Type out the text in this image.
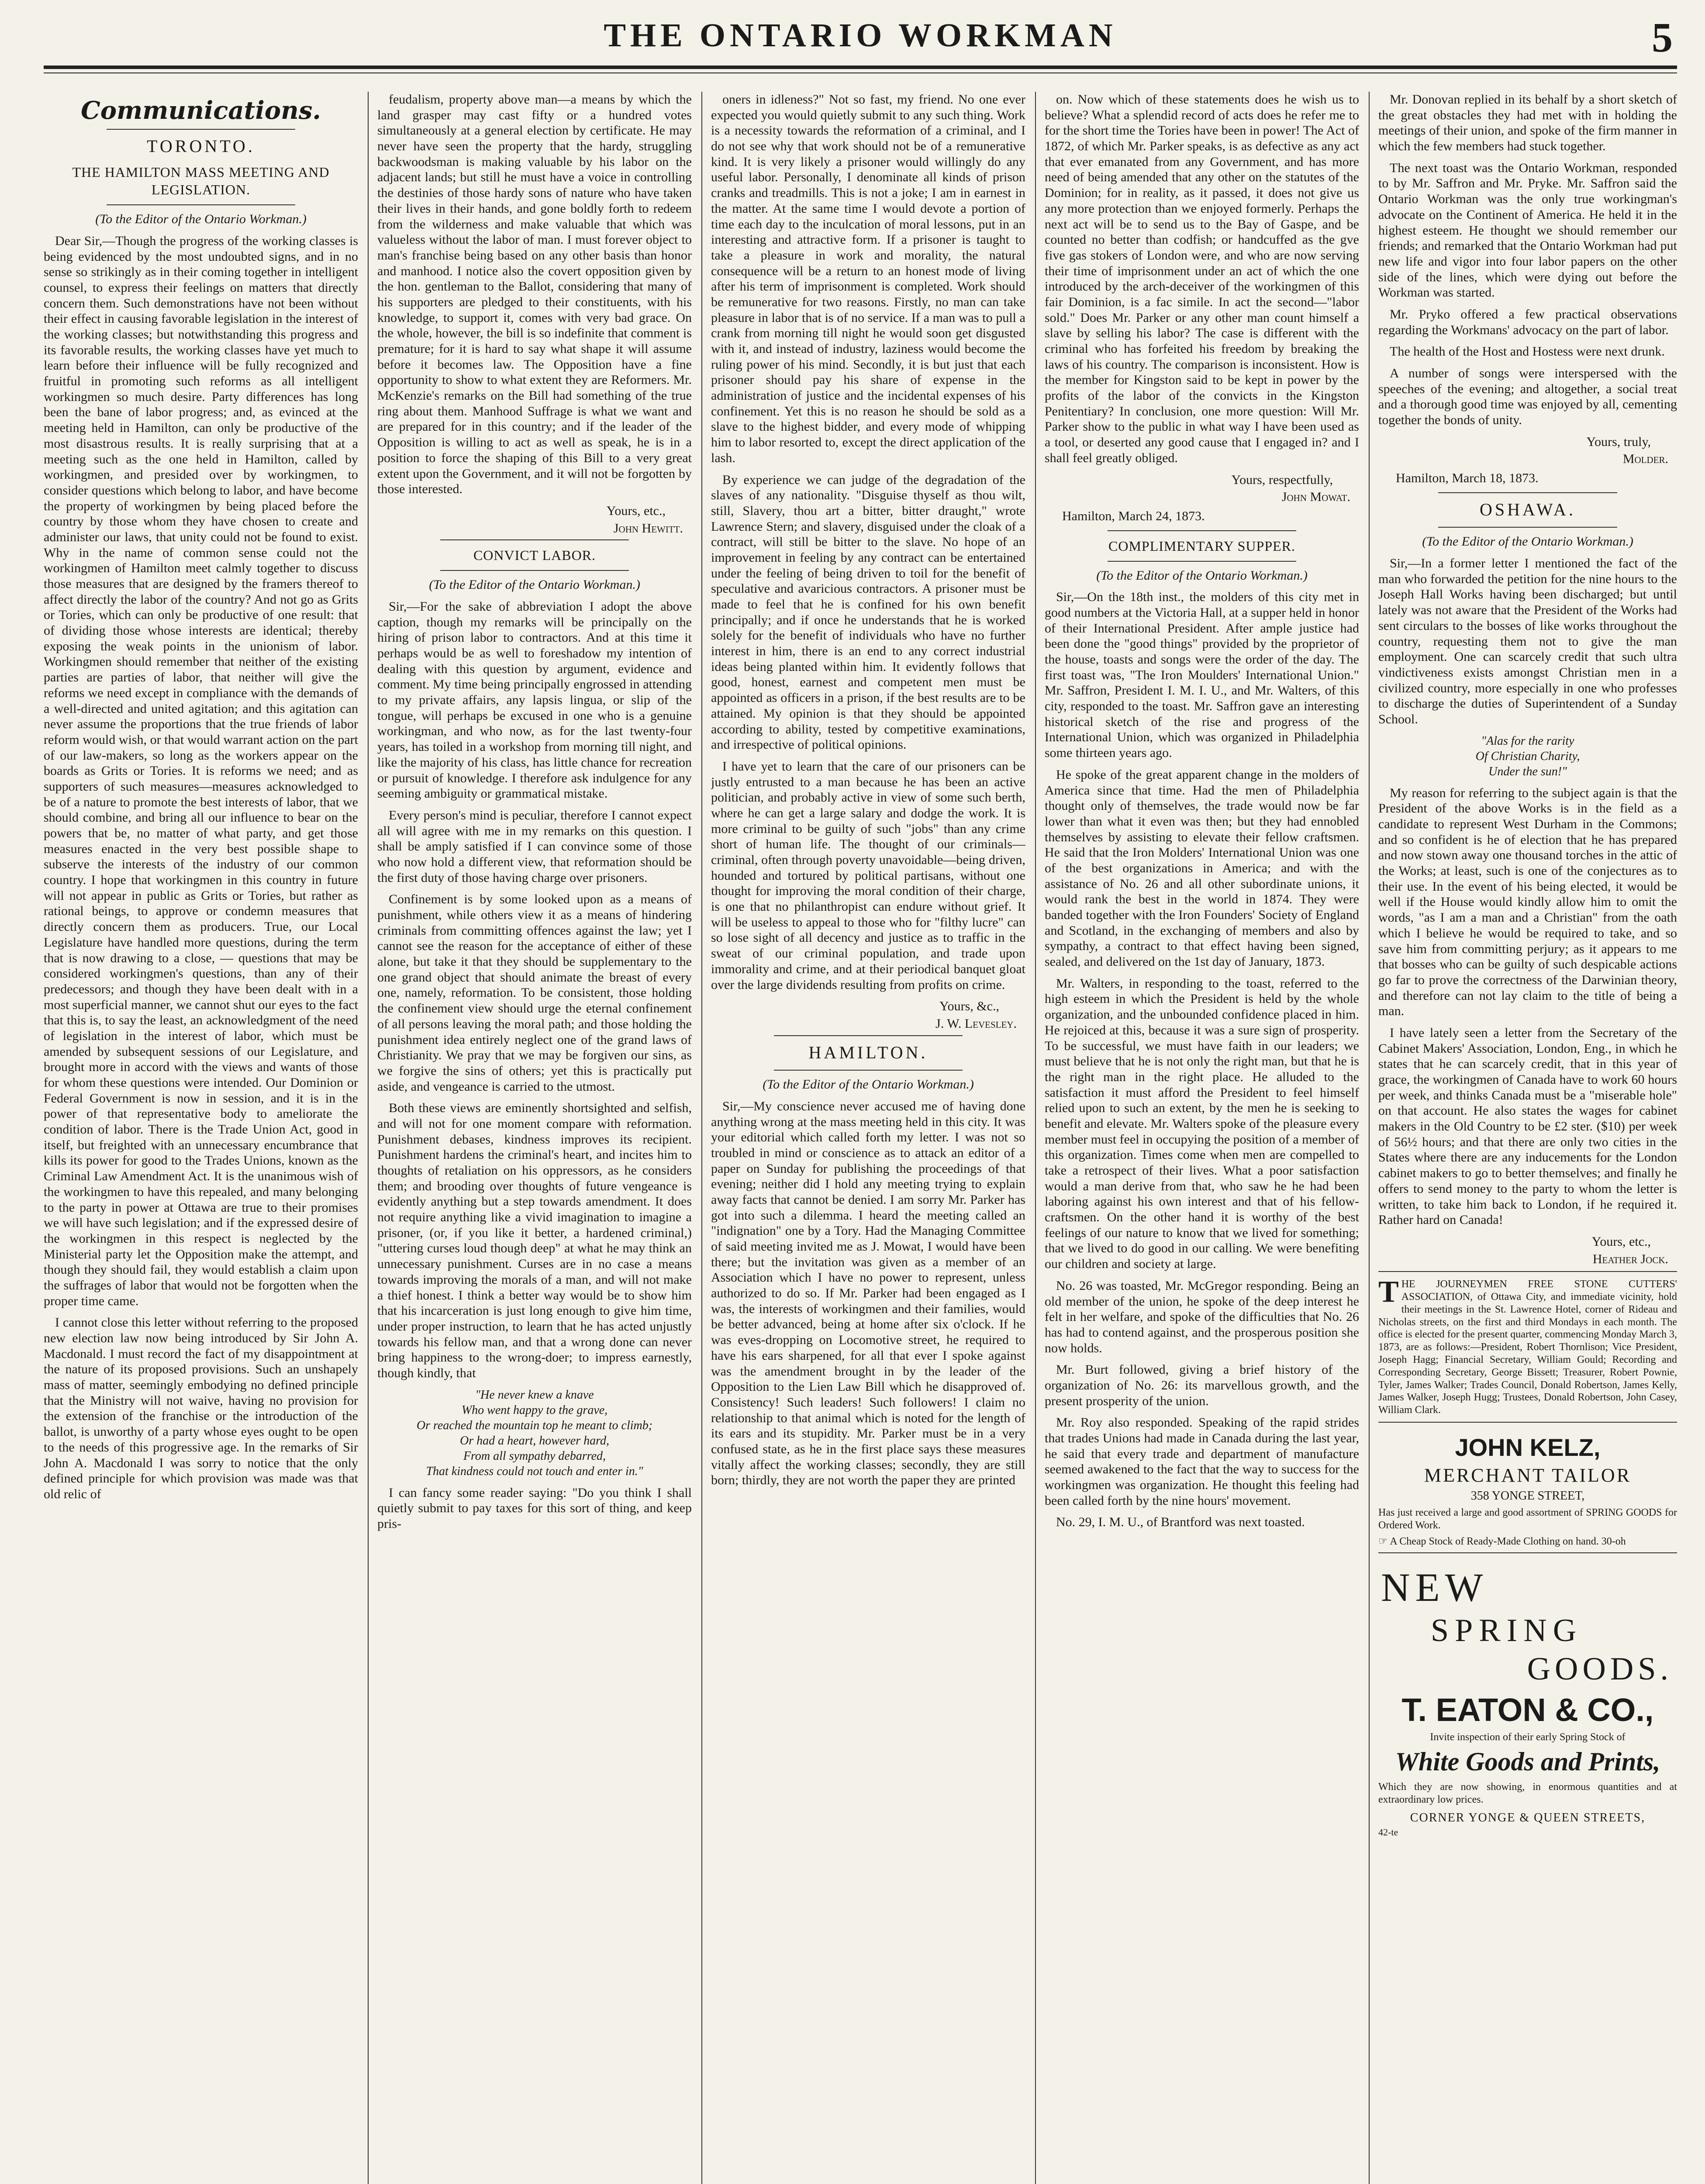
THE ONTARIO WORKMAN	5
Communications.
TORONTO.
THE HAMILTON MASS MEETING AND LEGISLATION.
(To the Editor of the Ontario Workman.)

Dear Sir,—Though the progress of the working classes is being evidenced by the most undoubted signs, and in no sense so strikingly as in their coming together in intelligent counsel, to express their feelings on matters that directly concern them. Such demonstrations have not been without their effect in causing favorable legislation in the interest of the working classes; but notwithstanding this progress and its favorable results, the working classes have yet much to learn before their influence will be fully recognized and fruitful in promoting such reforms as all intelligent workingmen so much desire. Party differences has long been the bane of labor progress; and, as evinced at the meeting held in Hamilton, can only be productive of the most disastrous results. It is really surprising that at a meeting such as the one held in Hamilton, called by workingmen, and presided over by workingmen, to consider questions which belong to labor, and have become the property of workingmen by being placed before the country by those whom they have chosen to create and administer our laws, that unity could not be found to exist. Why in the name of common sense could not the workingmen of Hamilton meet calmly together to discuss those measures that are designed by the framers thereof to affect directly the labor of the country? And not go as Grits or Tories, which can only be productive of one result: that of dividing those whose interests are identical; thereby exposing the weak points in the unionism of labor. Workingmen should remember that neither of the existing parties are parties of labor, that neither will give the reforms we need except in compliance with the demands of a well-directed and united agitation; and this agitation can never assume the proportions that the true friends of labor reform would wish, or that would warrant action on the part of our law-makers, so long as the workers appear on the boards as Grits or Tories. It is reforms we need; and as supporters of such measures—measures acknowledged to be of a nature to promote the best interests of labor, that we should combine, and bring all our influence to bear on the powers that be, no matter of what party, and get those measures enacted in the very best possible shape to subserve the interests of the industry of our common country. I hope that workingmen in this country in future will not appear in public as Grits or Tories, but rather as rational beings, to approve or condemn measures that directly concern them as producers. True, our Local Legislature have handled more questions, during the term that is now drawing to a close, — questions that may be considered workingmen's questions, than any of their predecessors; and though they have been dealt with in a most superficial manner, we cannot shut our eyes to the fact that this is, to say the least, an acknowledgment of the need of legislation in the interest of labor, which must be amended by subsequent sessions of our Legislature, and brought more in accord with the views and wants of those for whom these questions were intended. Our Dominion or Federal Government is now in session, and it is in the power of that representative body to ameliorate the condition of labor. There is the Trade Union Act, good in itself, but freighted with an unnecessary encumbrance that kills its power for good to the Trades Unions, known as the Criminal Law Amendment Act. It is the unanimous wish of the workingmen to have this repealed, and many belonging to the party in power at Ottawa are true to their promises we will have such legislation; and if the expressed desire of the workingmen in this respect is neglected by the Ministerial party let the Opposition make the attempt, and though they should fail, they would establish a claim upon the suffrages of labor that would not be forgotten when the proper time came.

I cannot close this letter without referring to the proposed new election law now being introduced by Sir John A. Macdonald. I must record the fact of my disappointment at the nature of its proposed provisions. Such an unshapely mass of matter, seemingly embodying no defined principle that the Ministry will not waive, having no provision for the extension of the franchise or the introduction of the ballot, is unworthy of a party whose eyes ought to be open to the needs of this progressive age. In the remarks of Sir John A. Macdonald I was sorry to notice that the only defined principle for which provision was made was that old relic of

feudalism, property above man—a means by which the land grasper may cast fifty or a hundred votes simultaneously at a general election by certificate. He may never have seen the property that the hardy, struggling backwoodsman is making valuable by his labor on the adjacent lands; but still he must have a voice in controlling the destinies of those hardy sons of nature who have taken their lives in their hands, and gone boldly forth to redeem from the wilderness and make valuable that which was valueless without the labor of man. I must forever object to man's franchise being based on any other basis than honor and manhood. I notice also the covert opposition given by the hon. gentleman to the Ballot, considering that many of his supporters are pledged to their constituents, with his knowledge, to support it, comes with very bad grace. On the whole, however, the bill is so indefinite that comment is premature; for it is hard to say what shape it will assume before it becomes law. The Opposition have a fine opportunity to show to what extent they are Reformers. Mr. McKenzie's remarks on the Bill had something of the true ring about them. Manhood Suffrage is what we want and are prepared for in this country; and if the leader of the Opposition is willing to act as well as speak, he is in a position to force the shaping of this Bill to a very great extent upon the Government, and it will not be forgotten by those interested.

Yours, etc.,
John Hewitt.
CONVICT LABOR.
(To the Editor of the Ontario Workman.)

Sir,—For the sake of abbreviation I adopt the above caption, though my remarks will be principally on the hiring of prison labor to contractors. And at this time it perhaps would be as well to foreshadow my intention of dealing with this question by argument, evidence and comment. My time being principally engrossed in attending to my private affairs, any lapsis lingua, or slip of the tongue, will perhaps be excused in one who is a genuine workingman, and who now, as for the last twenty-four years, has toiled in a workshop from morning till night, and like the majority of his class, has little chance for recreation or pursuit of knowledge. I therefore ask indulgence for any seeming ambiguity or grammatical mistake.

Every person's mind is peculiar, therefore I cannot expect all will agree with me in my remarks on this question. I shall be amply satisfied if I can convince some of those who now hold a different view, that reformation should be the first duty of those having charge over prisoners.

Confinement is by some looked upon as a means of punishment, while others view it as a means of hindering criminals from committing offences against the law; yet I cannot see the reason for the acceptance of either of these alone, but take it that they should be supplementary to the one grand object that should animate the breast of every one, namely, reformation. To be consistent, those holding the confinement view should urge the eternal confinement of all persons leaving the moral path; and those holding the punishment idea entirely neglect one of the grand laws of Christianity. We pray that we may be forgiven our sins, as we forgive the sins of others; yet this is practically put aside, and vengeance is carried to the utmost.

Both these views are eminently shortsighted and selfish, and will not for one moment compare with reformation. Punishment debases, kindness improves its recipient. Punishment hardens the criminal's heart, and incites him to thoughts of retaliation on his oppressors, as he considers them; and brooding over thoughts of future vengeance is evidently anything but a step towards amendment. It does not require anything like a vivid imagination to imagine a prisoner, (or, if you like it better, a hardened criminal,) "uttering curses loud though deep" at what he may think an unnecessary punishment. Curses are in no case a means towards improving the morals of a man, and will not make a thief honest. I think a better way would be to show him that his incarceration is just long enough to give him time, under proper instruction, to learn that he has acted unjustly towards his fellow man, and that a wrong done can never bring happiness to the wrong-doer; to impress earnestly, though kindly, that

"He never knew a knave
Who went happy to the grave,
Or reached the mountain top he meant to climb;
Or had a heart, however hard,
From all sympathy debarred,
That kindness could not touch and enter in."

I can fancy some reader saying: "Do you think I shall quietly submit to pay taxes for this sort of thing, and keep pris-

oners in idleness?" Not so fast, my friend. No one ever expected you would quietly submit to any such thing. Work is a necessity towards the reformation of a criminal, and I do not see why that work should not be of a remunerative kind. It is very likely a prisoner would willingly do any useful labor. Personally, I denominate all kinds of prison cranks and treadmills. This is not a joke; I am in earnest in the matter. At the same time I would devote a portion of time each day to the inculcation of moral lessons, put in an interesting and attractive form. If a prisoner is taught to take a pleasure in work and morality, the natural consequence will be a return to an honest mode of living after his term of imprisonment is completed. Work should be remunerative for two reasons. Firstly, no man can take pleasure in labor that is of no service. If a man was to pull a crank from morning till night he would soon get disgusted with it, and instead of industry, laziness would become the ruling power of his mind. Secondly, it is but just that each prisoner should pay his share of expense in the administration of justice and the incidental expenses of his confinement. Yet this is no reason he should be sold as a slave to the highest bidder, and every mode of whipping him to labor resorted to, except the direct application of the lash.

By experience we can judge of the degradation of the slaves of any nationality. "Disguise thyself as thou wilt, still, Slavery, thou art a bitter, bitter draught," wrote Lawrence Stern; and slavery, disguised under the cloak of a contract, will still be bitter to the slave. No hope of an improvement in feeling by any contract can be entertained under the feeling of being driven to toil for the benefit of speculative and avaricious contractors. A prisoner must be made to feel that he is confined for his own benefit principally; and if once he understands that he is worked solely for the benefit of individuals who have no further interest in him, there is an end to any correct industrial ideas being planted within him. It evidently follows that good, honest, earnest and competent men must be appointed as officers in a prison, if the best results are to be attained. My opinion is that they should be appointed according to ability, tested by competitive examinations, and irrespective of political opinions.

I have yet to learn that the care of our prisoners can be justly entrusted to a man because he has been an active politician, and probably active in view of some such berth, where he can get a large salary and dodge the work. It is more criminal to be guilty of such "jobs" than any crime short of human life. The thought of our criminals—criminal, often through poverty unavoidable—being driven, hounded and tortured by political partisans, without one thought for improving the moral condition of their charge, is one that no philanthropist can endure without grief. It will be useless to appeal to those who for "filthy lucre" can so lose sight of all decency and justice as to traffic in the sweat of our criminal population, and trade upon immorality and crime, and at their periodical banquet gloat over the large dividends resulting from profits on crime.

Yours, &c.,
J. W. Levesley.
HAMILTON.
(To the Editor of the Ontario Workman.)

Sir,—My conscience never accused me of having done anything wrong at the mass meeting held in this city. It was your editorial which called forth my letter. I was not so troubled in mind or conscience as to attack an editor of a paper on Sunday for publishing the proceedings of that evening; neither did I hold any meeting trying to explain away facts that cannot be denied. I am sorry Mr. Parker has got into such a dilemma. I heard the meeting called an "indignation" one by a Tory. Had the Managing Committee of said meeting invited me as J. Mowat, I would have been there; but the invitation was given as a member of an Association which I have no power to represent, unless authorized to do so. If Mr. Parker had been engaged as I was, the interests of workingmen and their families, would be better advanced, being at home after six o'clock. If he was eves-dropping on Locomotive street, he required to have his ears sharpened, for all that ever I spoke against was the amendment brought in by the leader of the Opposition to the Lien Law Bill which he disapproved of. Consistency! Such leaders! Such followers! I claim no relationship to that animal which is noted for the length of its ears and its stupidity. Mr. Parker must be in a very confused state, as he in the first place says these measures vitally affect the working classes; secondly, they are still born; thirdly, they are not worth the paper they are printed

on. Now which of these statements does he wish us to believe? What a splendid record of acts does he refer me to for the short time the Tories have been in power! The Act of 1872, of which Mr. Parker speaks, is as defective as any act that ever emanated from any Government, and has more need of being amended that any other on the statutes of the Dominion; for in reality, as it passed, it does not give us any more protection than we enjoyed formerly. Perhaps the next act will be to send us to the Bay of Gaspe, and be counted no better than codfish; or handcuffed as the gve five gas stokers of London were, and who are now serving their time of imprisonment under an act of which the one introduced by the arch-deceiver of the workingmen of this fair Dominion, is a fac simile. In act the second—"labor sold." Does Mr. Parker or any other man count himself a slave by selling his labor? The case is different with the criminal who has forfeited his freedom by breaking the laws of his country. The comparison is inconsistent. How is the member for Kingston said to be kept in power by the profits of the labor of the convicts in the Kingston Penitentiary? In conclusion, one more question: Will Mr. Parker show to the public in what way I have been used as a tool, or deserted any good cause that I engaged in? and I shall feel greatly obliged.

Yours, respectfully,
John Mowat.
Hamilton, March 24, 1873.
COMPLIMENTARY SUPPER.
(To the Editor of the Ontario Workman.)

Sir,—On the 18th inst., the molders of this city met in good numbers at the Victoria Hall, at a supper held in honor of their International President. After ample justice had been done the "good things" provided by the proprietor of the house, toasts and songs were the order of the day. The first toast was, "The Iron Moulders' International Union." Mr. Saffron, President I. M. I. U., and Mr. Walters, of this city, responded to the toast. Mr. Saffron gave an interesting historical sketch of the rise and progress of the International Union, which was organized in Philadelphia some thirteen years ago.

He spoke of the great apparent change in the molders of America since that time. Had the men of Philadelphia thought only of themselves, the trade would now be far lower than what it even was then; but they had ennobled themselves by assisting to elevate their fellow craftsmen. He said that the Iron Molders' International Union was one of the best organizations in America; and with the assistance of No. 26 and all other subordinate unions, it would rank the best in the world in 1874. They were banded together with the Iron Founders' Society of England and Scotland, in the exchanging of members and also by sympathy, a contract to that effect having been signed, sealed, and delivered on the 1st day of January, 1873.

Mr. Walters, in responding to the toast, referred to the high esteem in which the President is held by the whole organization, and the unbounded confidence placed in him. He rejoiced at this, because it was a sure sign of prosperity. To be successful, we must have faith in our leaders; we must believe that he is not only the right man, but that he is the right man in the right place. He alluded to the satisfaction it must afford the President to feel himself relied upon to such an extent, by the men he is seeking to benefit and elevate. Mr. Walters spoke of the pleasure every member must feel in occupying the position of a member of this organization. Times come when men are compelled to take a retrospect of their lives. What a poor satisfaction would a man derive from that, who saw he he had been laboring against his own interest and that of his fellow-craftsmen. On the other hand it is worthy of the best feelings of our nature to know that we lived for something; that we lived to do good in our calling. We were benefiting our children and society at large.

No. 26 was toasted, Mr. McGregor responding. Being an old member of the union, he spoke of the deep interest he felt in her welfare, and spoke of the difficulties that No. 26 has had to contend against, and the prosperous position she now holds.

Mr. Burt followed, giving a brief history of the organization of No. 26: its marvellous growth, and the present prosperity of the union.

Mr. Roy also responded. Speaking of the rapid strides that trades Unions had made in Canada during the last year, he said that every trade and department of manufacture seemed awakened to the fact that the way to success for the workingmen was organization. He thought this feeling had been called forth by the nine hours' movement.

No. 29, I. M. U., of Brantford was next toasted.

Mr. Donovan replied in its behalf by a short sketch of the great obstacles they had met with in holding the meetings of their union, and spoke of the firm manner in which the few members had stuck together.

The next toast was the Ontario Workman, responded to by Mr. Saffron and Mr. Pryke. Mr. Saffron said the Ontario Workman was the only true workingman's advocate on the Continent of America. He held it in the highest esteem. He thought we should remember our friends; and remarked that the Ontario Workman had put new life and vigor into four labor papers on the other side of the lines, which were dying out before the Workman was started.

Mr. Pryko offered a few practical observations regarding the Workmans' advocacy on the part of labor.

The health of the Host and Hostess were next drunk.

A number of songs were interspersed with the speeches of the evening; and altogether, a social treat and a thorough good time was enjoyed by all, cementing together the bonds of unity.

Yours, truly,
Molder.
Hamilton, March 18, 1873.
OSHAWA.
(To the Editor of the Ontario Workman.)

Sir,—In a former letter I mentioned the fact of the man who forwarded the petition for the nine hours to the Joseph Hall Works having been discharged; but until lately was not aware that the President of the Works had sent circulars to the bosses of like works throughout the country, requesting them not to give the man employment. One can scarcely credit that such ultra vindictiveness exists amongst Christian men in a civilized country, more especially in one who professes to discharge the duties of Superintendent of a Sunday School.

"Alas for the rarity
Of Christian Charity,
Under the sun!"

My reason for referring to the subject again is that the President of the above Works is in the field as a candidate to represent West Durham in the Commons; and so confident is he of election that he has prepared and now stown away one thousand torches in the attic of the Works; at least, such is one of the conjectures as to their use. In the event of his being elected, it would be well if the House would kindly allow him to omit the words, "as I am a man and a Christian" from the oath which I believe he would be required to take, and so save him from committing perjury; as it appears to me that bosses who can be guilty of such despicable actions go far to prove the correctness of the Darwinian theory, and therefore can not lay claim to the title of being a man.

I have lately seen a letter from the Secretary of the Cabinet Makers' Association, London, Eng., in which he states that he can scarcely credit, that in this year of grace, the workingmen of Canada have to work 60 hours per week, and thinks Canada must be a "miserable hole" on that account. He also states the wages for cabinet makers in the Old Country to be £2 ster. ($10) per week of 56½ hours; and that there are only two cities in the States where there are any inducements for the London cabinet makers to go to better themselves; and finally he offers to send money to the party to whom the letter is written, to take him back to London, if he required it. Rather hard on Canada!

Yours, etc.,
Heather Jock.
T HE JOURNEYMEN FREE STONE CUTTERS' ASSOCIATION, of Ottawa City, and immediate vicinity, hold their meetings in the St. Lawrence Hotel, corner of Rideau and Nicholas streets, on the first and third Mondays in each month. The office is elected for the present quarter, commencing Monday March 3, 1873, are as follows:—President, Robert Thornlison; Vice President, Joseph Hagg; Financial Secretary, William Gould; Recording and Corresponding Secretary, George Bissett; Treasurer, Robert Pownie, Tyler, James Walker; Trades Council, Donald Robertson, James Kelly, James Walker, Joseph Hugg; Trustees, Donald Robertson, John Casey, William Clark.
JOHN KELZ,
MERCHANT TAILOR
358 YONGE STREET,
Has just received a large and good assortment of SPRING GOODS for Ordered Work.
☞ A Cheap Stock of Ready-Made Clothing on hand. 30-oh
NEW
SPRING
GOODS.
T. EATON & CO.,
Invite inspection of their early Spring Stock of
White Goods and Prints,
Which they are now showing, in enormous quantities and at extraordinary low prices.
CORNER YONGE & QUEEN STREETS,
42-te
